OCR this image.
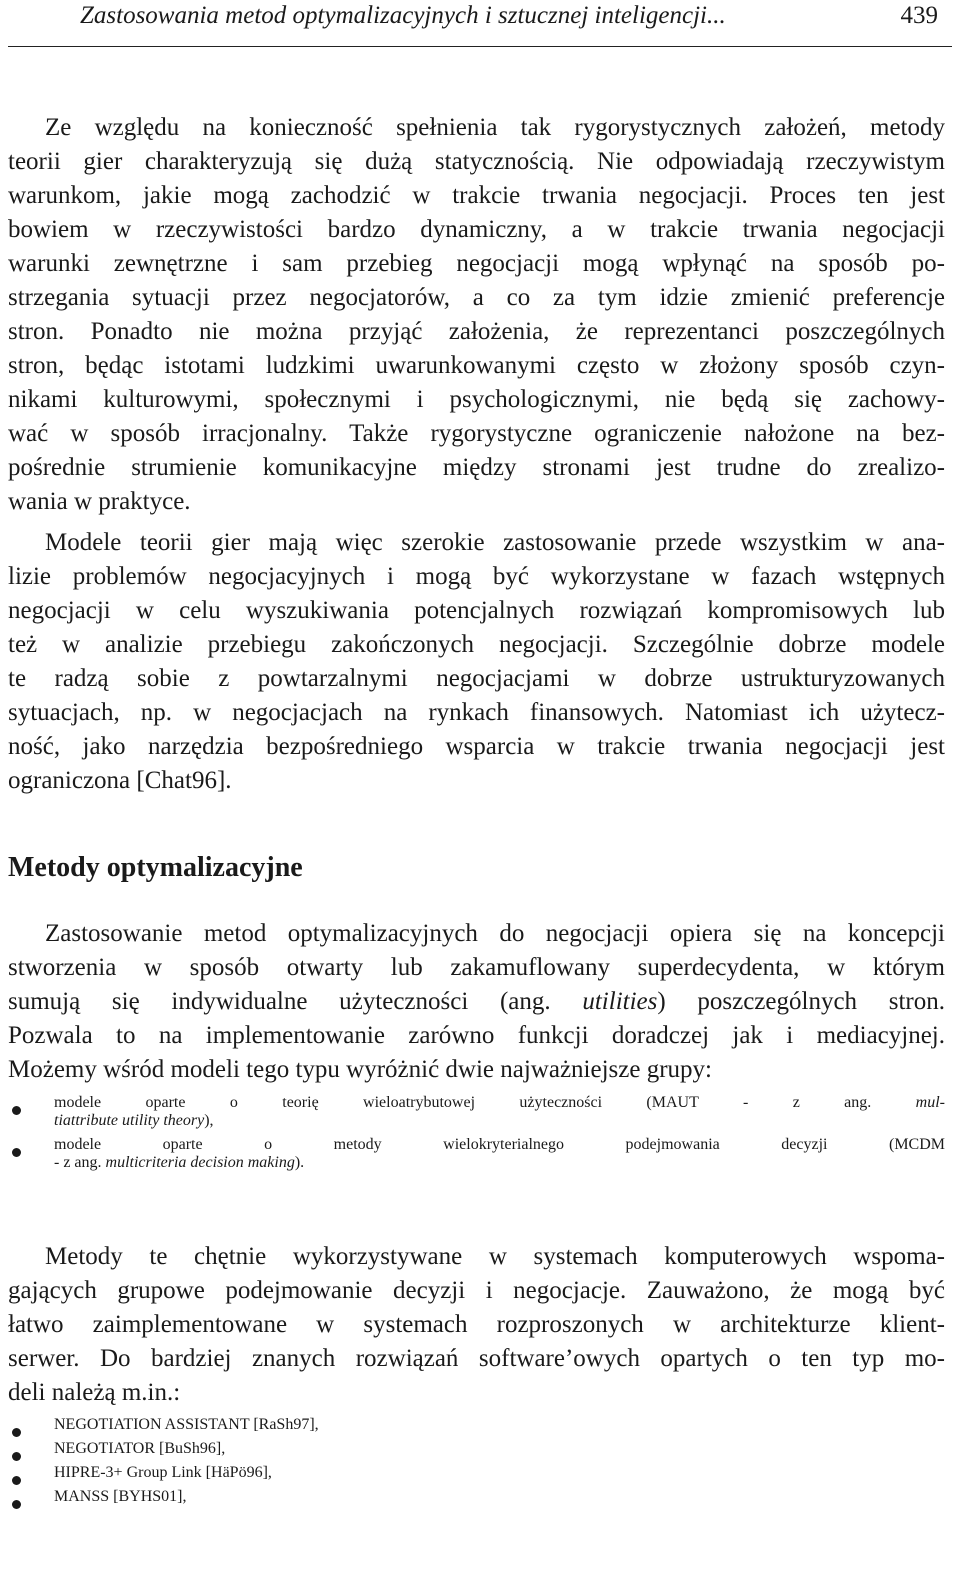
Zastosowania metod optymalizacyjnych i sztucznej inteligencji...	439
Ze względu na konieczność spełnienia tak rygorystycznych założeń, metody
teorii gier charakteryzują się dużą statycznością. Nie odpowiadają rzeczywistym
warunkom, jakie mogą zachodzić w trakcie trwania negocjacji. Proces ten jest
bowiem w rzeczywistości bardzo dynamiczny, a w trakcie trwania negocjacji
warunki zewnętrzne i sam przebieg negocjacji mogą wpłynąć na sposób po-
strzegania sytuacji przez negocjatorów, a co za tym idzie zmienić preferencje
stron. Ponadto nie można przyjąć założenia, że reprezentanci poszczególnych
stron, będąc istotami ludzkimi uwarunkowanymi często w złożony sposób czyn-
nikami kulturowymi, społecznymi i psychologicznymi, nie będą się zachowy-
wać w sposób irracjonalny. Także rygorystyczne ograniczenie nałożone na bez-
pośrednie strumienie komunikacyjne między stronami jest trudne do zrealizo-
wania w praktyce.
Modele teorii gier mają więc szerokie zastosowanie przede wszystkim w ana-
lizie problemów negocjacyjnych i mogą być wykorzystane w fazach wstępnych
negocjacji w celu wyszukiwania potencjalnych rozwiązań kompromisowych lub
też w analizie przebiegu zakończonych negocjacji. Szczególnie dobrze modele
te radzą sobie z powtarzalnymi negocjacjami w dobrze ustrukturyzowanych
sytuacjach, np. w negocjacjach na rynkach finansowych. Natomiast ich użytecz-
ność, jako narzędzia bezpośredniego wsparcia w trakcie trwania negocjacji jest
ograniczona [Chat96].
Metody optymalizacyjne
Zastosowanie metod optymalizacyjnych do negocjacji opiera się na koncepcji
stworzenia w sposób otwarty lub zakamuflowany superdecydenta, w którym
sumują się indywidualne użyteczności (ang. utilities) poszczególnych stron.
Pozwala to na implementowanie zarówno funkcji doradczej jak i mediacyjnej.
Możemy wśród modeli tego typu wyróżnić dwie najważniejsze grupy:
modele oparte o teorię wieloatrybutowej użyteczności (MAUT - z ang. mul-
tiattribute utility theory),
modele oparte o metody wielokryterialnego podejmowania decyzji (MCDM
- z ang. multicriteria decision making).
Metody te chętnie wykorzystywane w systemach komputerowych wspoma-
gających grupowe podejmowanie decyzji i negocjacje. Zauważono, że mogą być
łatwo zaimplementowane w systemach rozproszonych w architekturze klient-
serwer. Do bardziej znanych rozwiązań software’owych opartych o ten typ mo-
deli należą m.in.:
NEGOTIATION ASSISTANT [RaSh97],
NEGOTIATOR [BuSh96],
HIPRE-3+ Group Link [HäPö96],
MANSS [BYHS01],
